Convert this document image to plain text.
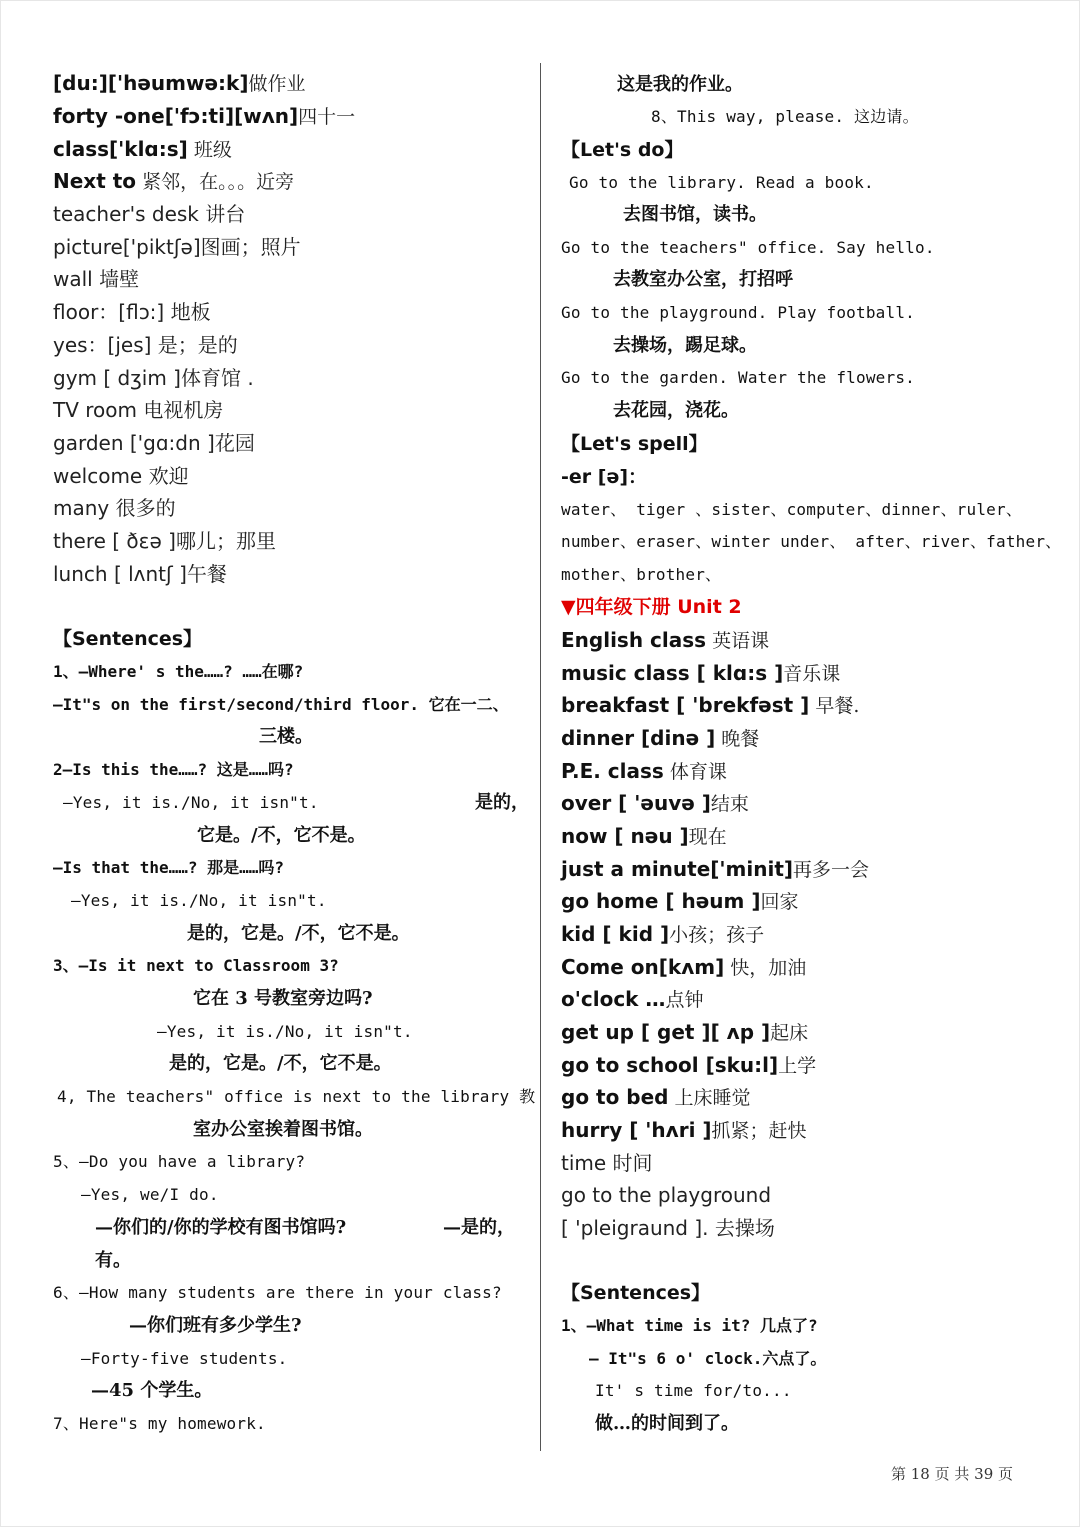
[du:]['həumwə:k]做作业
forty -one['fɔ:ti][wʌn]四十一
class['klɑ:s] 班级
Next to 紧邻，在。。。近旁
teacher's desk 讲台
picture['piktʃə]图画；照片
wall 墙壁
floor：[flɔ:] 地板
yes：[jes] 是；是的
gym [ dʒim ]体育馆 .
TV room 电视机房
garden ['gɑ:dn ]花园
welcome 欢迎
many 很多的
there [ ðεə ]哪儿；那里
lunch [ lʌntʃ ]午餐
【Sentences】
1、—Where' s the……? ……在哪?
—It"s on the first/second/third floor. 它在一二、
三楼。
2—Is this the……? 这是……吗?
—Yes, it is./No, it isn"t.	是的，
它是。/不，它不是。
—Is that the……? 那是……吗?
—Yes, it is./No, it isn"t.
是的，它是。/不，它不是。
3、—Is it next to Classroom 3?
它在 3 号教室旁边吗?
—Yes, it is./No, it isn"t.
是的，它是。/不，它不是。
4, The teachers" office is next to the library 教
室办公室挨着图书馆。
5、—Do you have a library?
—Yes, we/I do.
—你们的/你的学校有图书馆吗?	—是的，
有。
6、—How many students are there in your class?
—你们班有多少学生?
—Forty-five students.
—45 个学生。
7、Here"s my homework.
这是我的作业。
8、This way, please. 这边请。
【Let's do】
Go to the library. Read a book.
去图书馆，读书。
Go to the teachers" office. Say hello.
去教室办公室，打招呼
Go to the playground. Play football.
去操场，踢足球。
Go to the garden. Water the flowers.
去花园，浇花。
【Let's spell】
-er [ə]：
water、 tiger 、sister、computer、dinner、ruler、
number、eraser、winter under、 after、river、father、
mother、brother、
▼四年级下册 Unit 2
English class 英语课
music class [ klɑ:s ]音乐课
breakfast [ 'brekfəst ] 早餐.
dinner [dinə ] 晚餐
P.E. class 体育课
over [ 'əuvə ]结束
now [ nəu ]现在
just a minute['minit]再多一会
go home [ həum ]回家
kid [ kid ]小孩；孩子
Come on[kʌm] 快，加油
o'clock …点钟
get up [ get ][ ʌp ]起床
go to school [sku:l]上学
go to bed 上床睡觉
hurry [ 'hʌri ]抓紧；赶快
time 时间
go to the playground
[ 'pleigraund ]. 去操场
【Sentences】
1、—What time is it? 几点了?
— It"s 6 o' clock.六点了。
It' s time for/to...
做…的时间到了。
第 18 页 共 39 页
